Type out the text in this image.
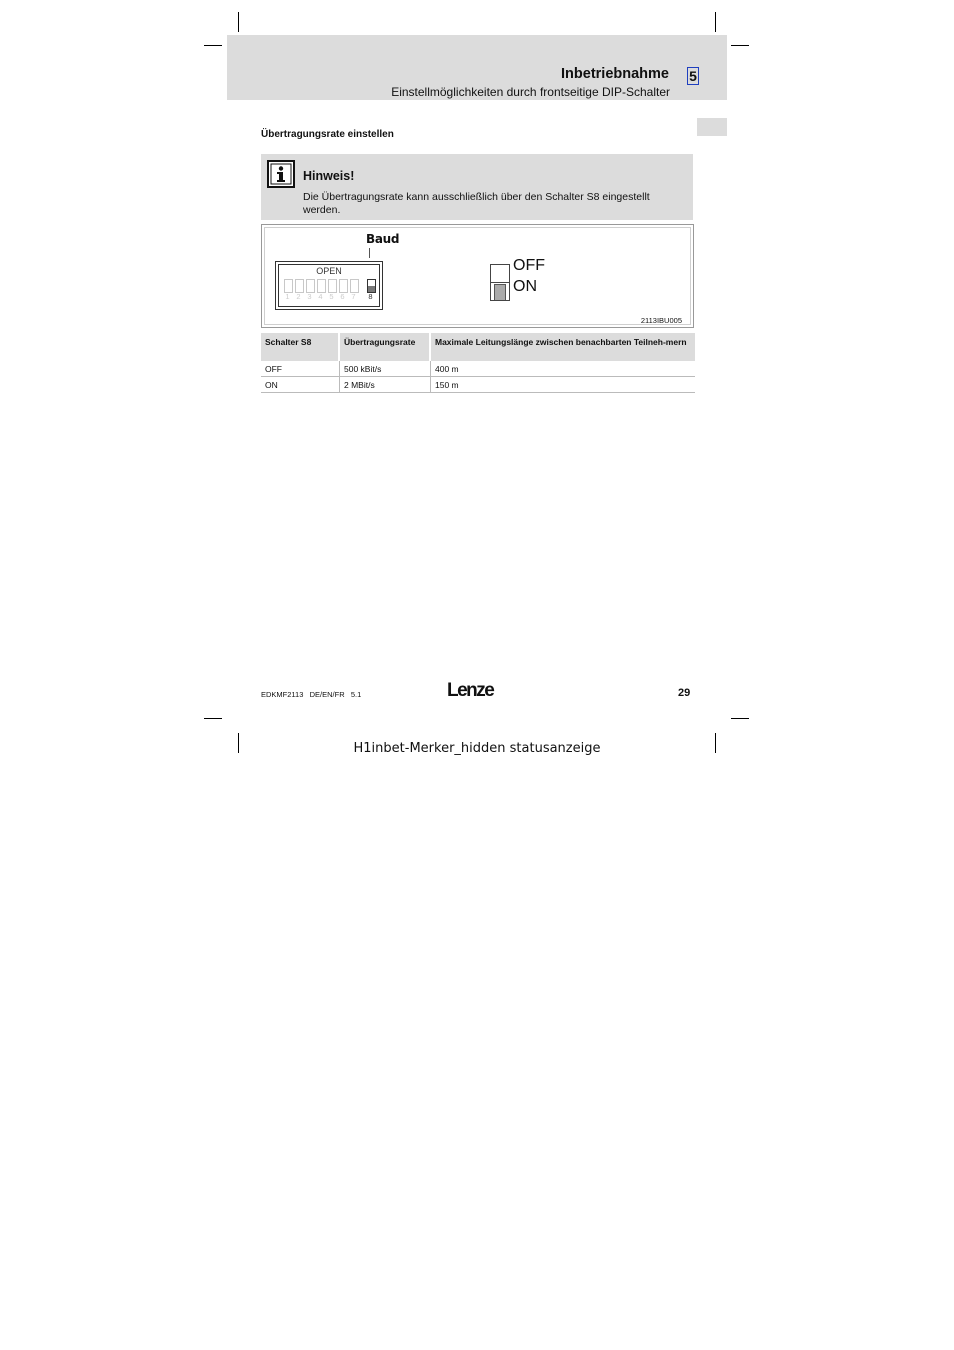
Inbetriebnahme 5
Einstellmöglichkeiten durch frontseitige DIP-Schalter
Übertragungsrate einstellen
Hinweis!
Die Übertragungsrate kann ausschließlich über den Schalter S8 eingestellt werden.
Baud
OPEN
1 2 3 4 5 6 7	8
OFF
ON
2113IBU005
Schalter S8	Übertragungsrate	Maximale Leitungslänge zwischen benachbarten Teilneh-mern
OFF	500 kBit/s	400 m
ON	2 MBit/s	150 m
EDKMF2113   DE/EN/FR   5.1	Lenze	29
H1inbet-Merker_hidden statusanzeige
